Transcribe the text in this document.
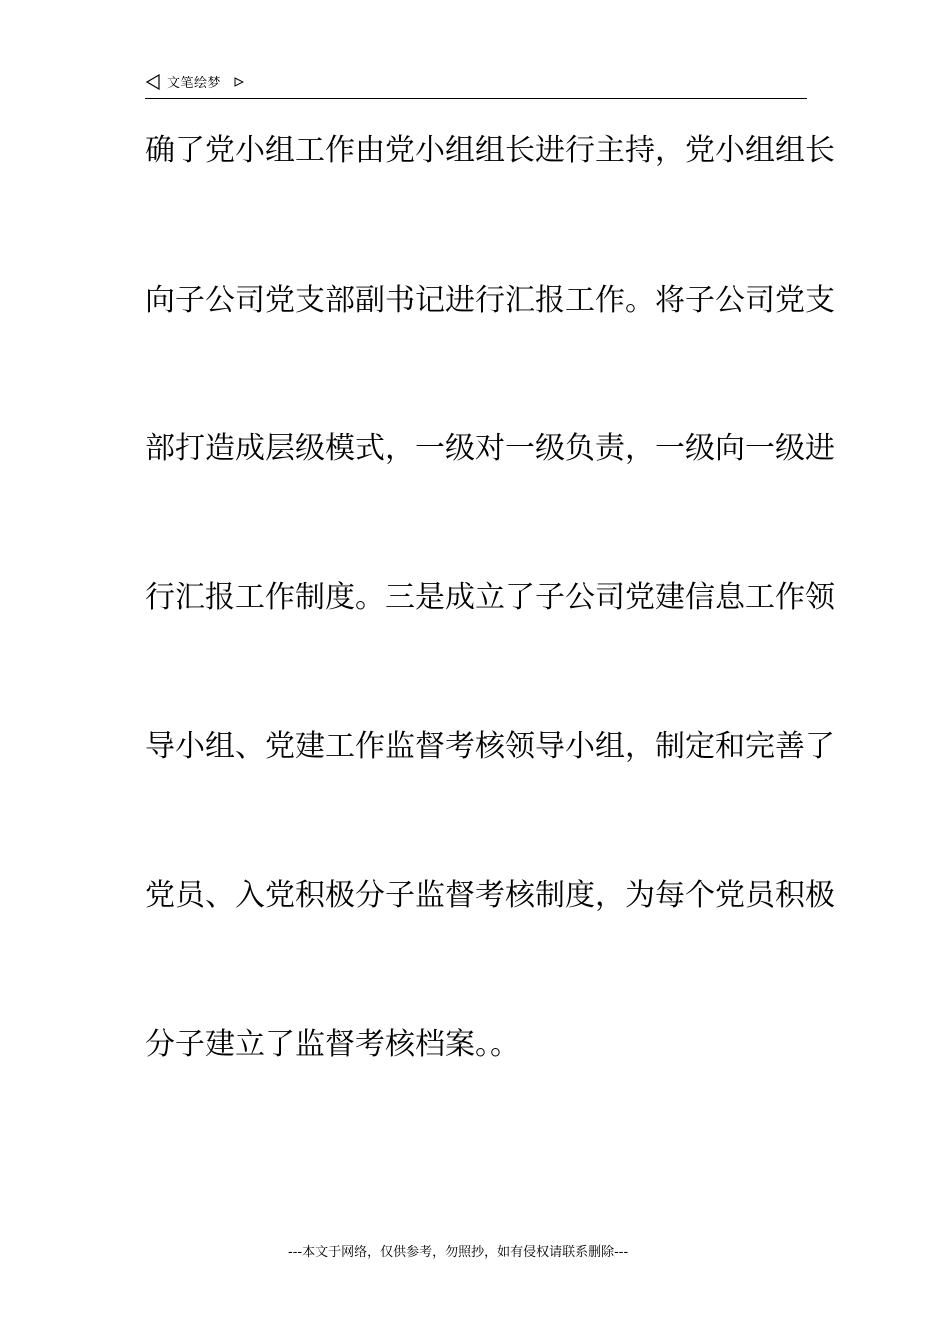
文笔绘梦
确了党小组工作由党小组组长进行主持，党小组组长
向子公司党支部副书记进行汇报工作。将子公司党支
部打造成层级模式，一级对一级负责，一级向一级进
行汇报工作制度。三是成立了子公司党建信息工作领
导小组、党建工作监督考核领导小组，制定和完善了
党员、入党积极分子监督考核制度，为每个党员积极
分子建立了监督考核档案。。
---本文于网络，仅供参考，勿照抄，如有侵权请联系删除---
